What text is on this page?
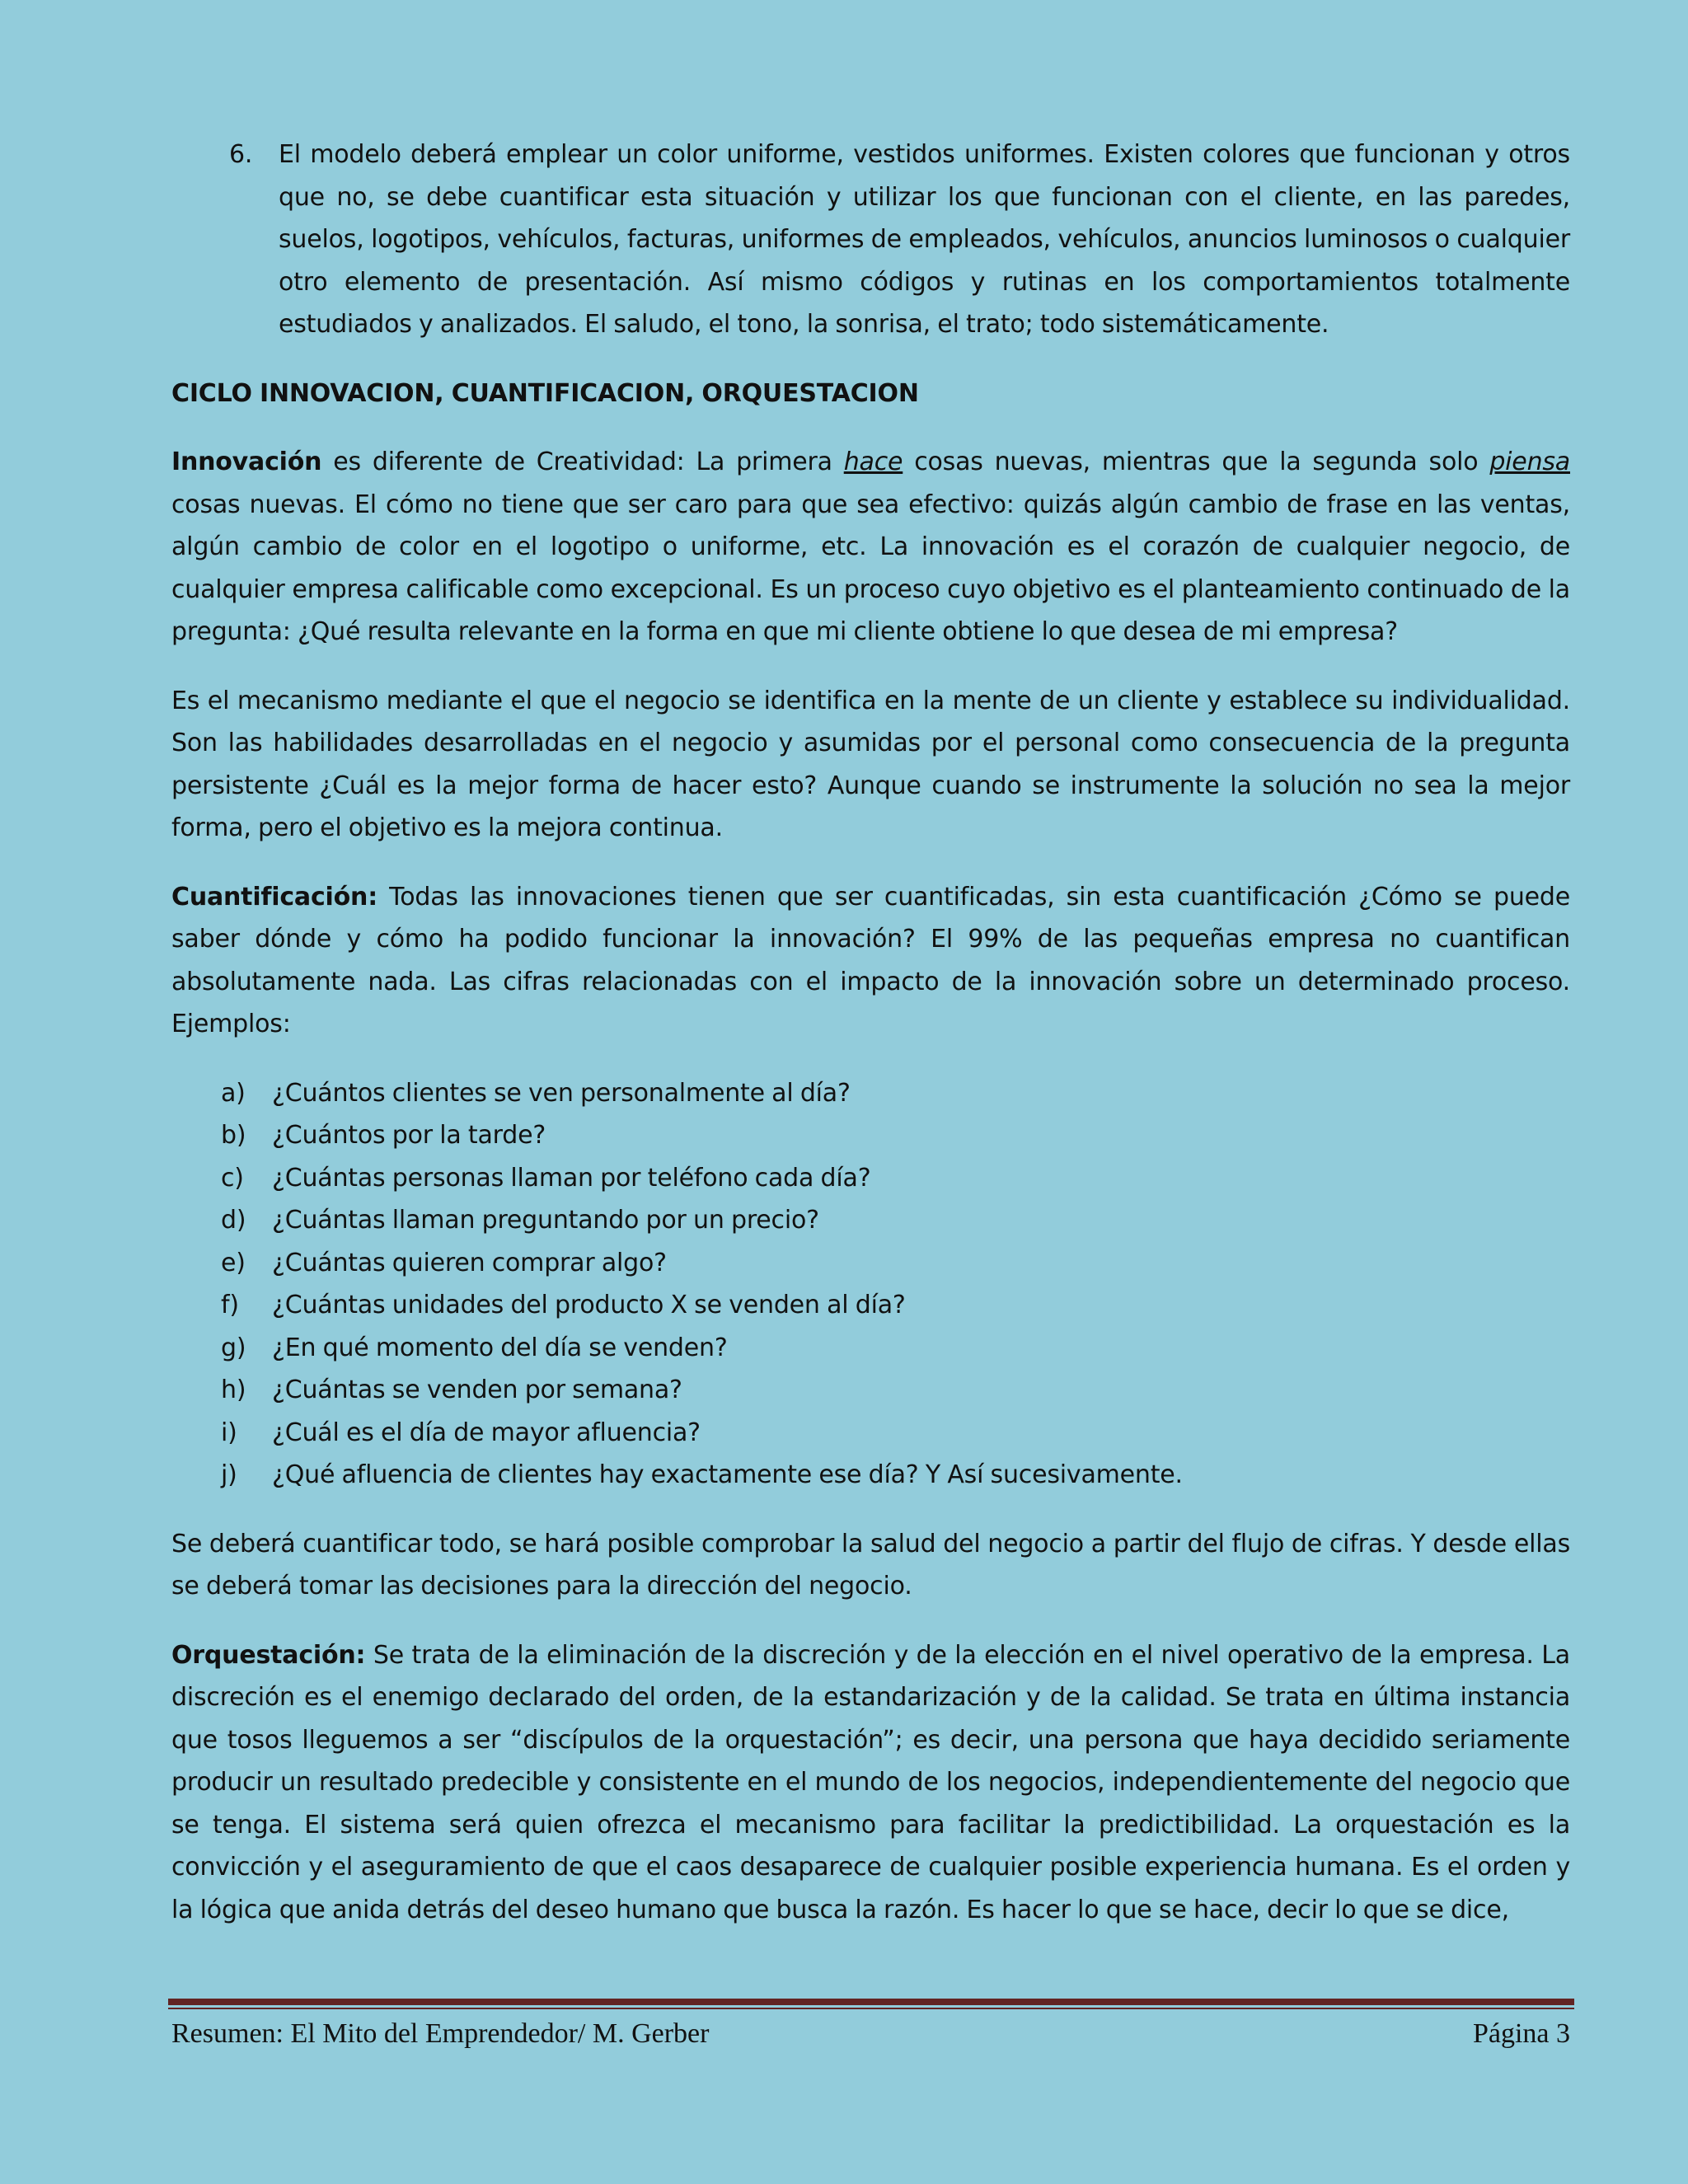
6. El modelo deberá emplear un color uniforme, vestidos uniformes. Existen colores que funcionan y otros que no, se debe cuantificar esta situación y utilizar los que funcionan con el cliente, en las paredes, suelos, logotipos, vehículos, facturas, uniformes de empleados, vehículos, anuncios luminosos o cualquier otro elemento de presentación. Así mismo códigos y rutinas en los comportamientos totalmente estudiados y analizados. El saludo, el tono, la sonrisa, el trato; todo sistemáticamente.
CICLO INNOVACION, CUANTIFICACION, ORQUESTACION

Innovación es diferente de Creatividad: La primera hace cosas nuevas, mientras que la segunda solo piensa cosas nuevas. El cómo no tiene que ser caro para que sea efectivo: quizás algún cambio de frase en las ventas, algún cambio de color en el logotipo o uniforme, etc. La innovación es el corazón de cualquier negocio, de cualquier empresa calificable como excepcional. Es un proceso cuyo objetivo es el planteamiento continuado de la pregunta: ¿Qué resulta relevante en la forma en que mi cliente obtiene lo que desea de mi empresa?

Es el mecanismo mediante el que el negocio se identifica en la mente de un cliente y establece su individualidad. Son las habilidades desarrolladas en el negocio y asumidas por el personal como consecuencia de la pregunta persistente ¿Cuál es la mejor forma de hacer esto? Aunque cuando se instrumente la solución no sea la mejor forma, pero el objetivo es la mejora continua.

Cuantificación: Todas las innovaciones tienen que ser cuantificadas, sin esta cuantificación ¿Cómo se puede saber dónde y cómo ha podido funcionar la innovación? El 99% de las pequeñas empresa no cuantifican absolutamente nada. Las cifras relacionadas con el impacto de la innovación sobre un determinado proceso. Ejemplos:

a) ¿Cuántos clientes se ven personalmente al día?
b) ¿Cuántos por la tarde?
c) ¿Cuántas personas llaman por teléfono cada día?
d) ¿Cuántas llaman preguntando por un precio?
e) ¿Cuántas quieren comprar algo?
f) ¿Cuántas unidades del producto X se venden al día?
g) ¿En qué momento del día se venden?
h) ¿Cuántas se venden por semana?
i) ¿Cuál es el día de mayor afluencia?
j) ¿Qué afluencia de clientes hay exactamente ese día? Y Así sucesivamente.

Se deberá cuantificar todo, se hará posible comprobar la salud del negocio a partir del flujo de cifras. Y desde ellas se deberá tomar las decisiones para la dirección del negocio.

Orquestación: Se trata de la eliminación de la discreción y de la elección en el nivel operativo de la empresa. La discreción es el enemigo declarado del orden, de la estandarización y de la calidad. Se trata en última instancia que tosos lleguemos a ser “discípulos de la orquestación”; es decir, una persona que haya decidido seriamente producir un resultado predecible y consistente en el mundo de los negocios, independientemente del negocio que se tenga. El sistema será quien ofrezca el mecanismo para facilitar la predictibilidad. La orquestación es la convicción y el aseguramiento de que el caos desaparece de cualquier posible experiencia humana. Es el orden y la lógica que anida detrás del deseo humano que busca la razón. Es hacer lo que se hace, decir lo que se dice,

Resumen: El Mito del Emprendedor/ M. Gerber	Página 3
